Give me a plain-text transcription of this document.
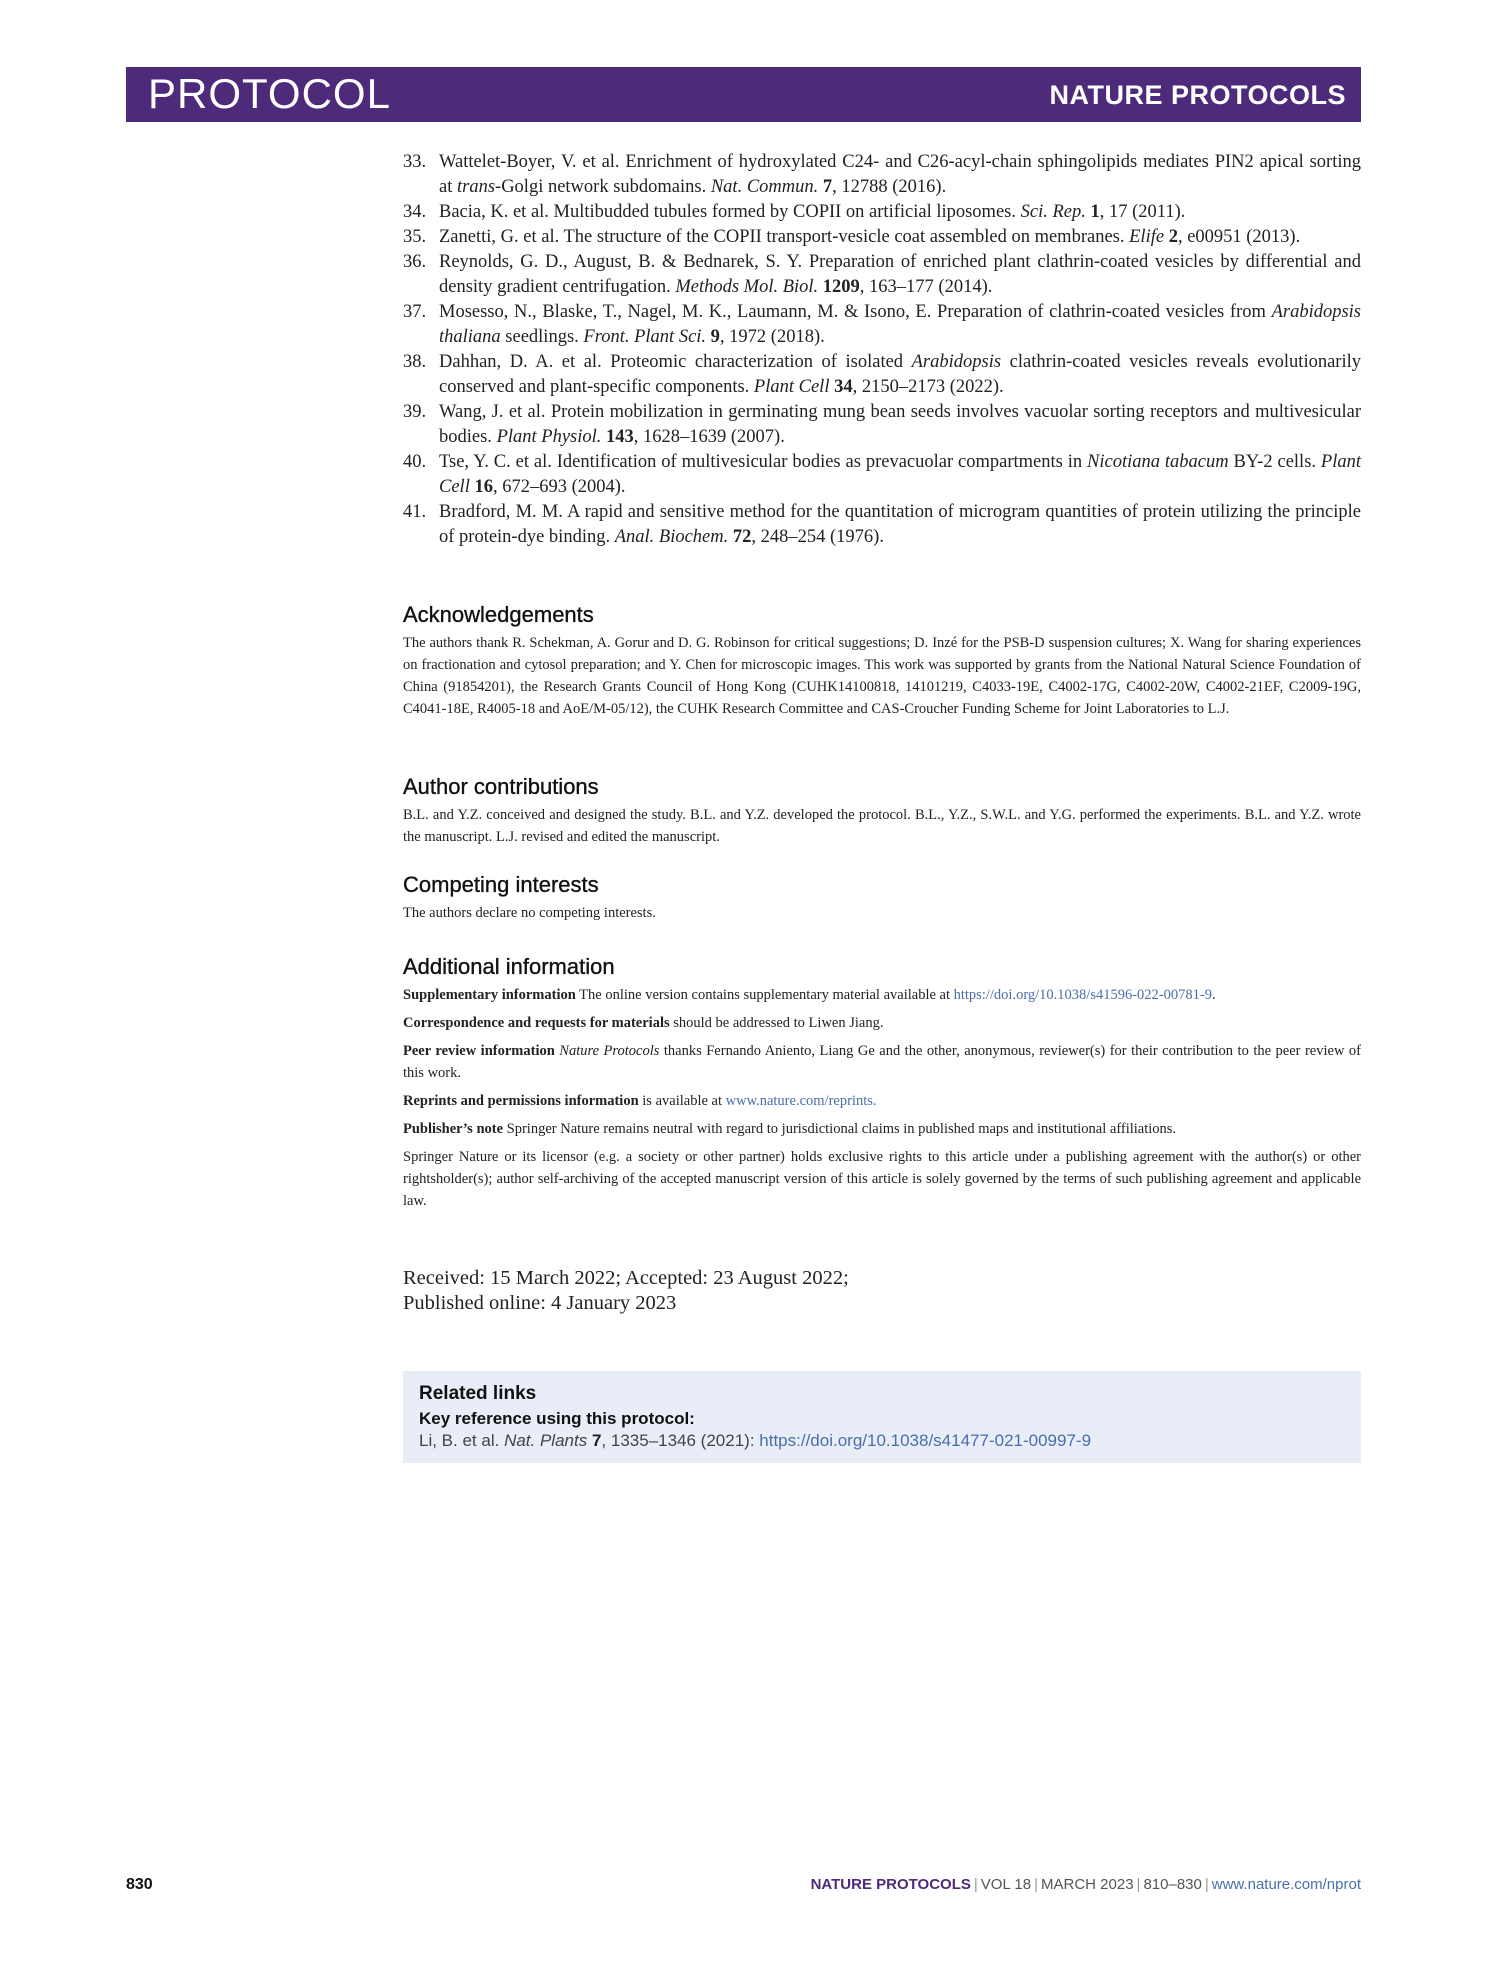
PROTOCOL	NATURE PROTOCOLS
33. Wattelet-Boyer, V. et al. Enrichment of hydroxylated C24- and C26-acyl-chain sphingolipids mediates PIN2 apical sorting at trans-Golgi network subdomains. Nat. Commun. 7, 12788 (2016).
34. Bacia, K. et al. Multibudded tubules formed by COPII on artificial liposomes. Sci. Rep. 1, 17 (2011).
35. Zanetti, G. et al. The structure of the COPII transport-vesicle coat assembled on membranes. Elife 2, e00951 (2013).
36. Reynolds, G. D., August, B. & Bednarek, S. Y. Preparation of enriched plant clathrin-coated vesicles by differential and density gradient centrifugation. Methods Mol. Biol. 1209, 163–177 (2014).
37. Mosesso, N., Blaske, T., Nagel, M. K., Laumann, M. & Isono, E. Preparation of clathrin-coated vesicles from Arabidopsis thaliana seedlings. Front. Plant Sci. 9, 1972 (2018).
38. Dahhan, D. A. et al. Proteomic characterization of isolated Arabidopsis clathrin-coated vesicles reveals evolutionarily conserved and plant-specific components. Plant Cell 34, 2150–2173 (2022).
39. Wang, J. et al. Protein mobilization in germinating mung bean seeds involves vacuolar sorting receptors and multivesicular bodies. Plant Physiol. 143, 1628–1639 (2007).
40. Tse, Y. C. et al. Identification of multivesicular bodies as prevacuolar compartments in Nicotiana tabacum BY-2 cells. Plant Cell 16, 672–693 (2004).
41. Bradford, M. M. A rapid and sensitive method for the quantitation of microgram quantities of protein utilizing the principle of protein-dye binding. Anal. Biochem. 72, 248–254 (1976).
Acknowledgements

The authors thank R. Schekman, A. Gorur and D. G. Robinson for critical suggestions; D. Inzé for the PSB-D suspension cultures; X. Wang for sharing experiences on fractionation and cytosol preparation; and Y. Chen for microscopic images. This work was supported by grants from the National Natural Science Foundation of China (91854201), the Research Grants Council of Hong Kong (CUHK14100818, 14101219, C4033-19E, C4002-17G, C4002-20W, C4002-21EF, C2009-19G, C4041-18E, R4005-18 and AoE/M-05/12), the CUHK Research Committee and CAS-Croucher Funding Scheme for Joint Laboratories to L.J.

Author contributions

B.L. and Y.Z. conceived and designed the study. B.L. and Y.Z. developed the protocol. B.L., Y.Z., S.W.L. and Y.G. performed the experiments. B.L. and Y.Z. wrote the manuscript. L.J. revised and edited the manuscript.

Competing interests

The authors declare no competing interests.

Additional information

Supplementary information The online version contains supplementary material available at https://doi.org/10.1038/s41596-022-00781-9.

Correspondence and requests for materials should be addressed to Liwen Jiang.

Peer review information Nature Protocols thanks Fernando Aniento, Liang Ge and the other, anonymous, reviewer(s) for their contribution to the peer review of this work.

Reprints and permissions information is available at www.nature.com/reprints.

Publisher’s note Springer Nature remains neutral with regard to jurisdictional claims in published maps and institutional affiliations.

Springer Nature or its licensor (e.g. a society or other partner) holds exclusive rights to this article under a publishing agreement with the author(s) or other rightsholder(s); author self-archiving of the accepted manuscript version of this article is solely governed by the terms of such publishing agreement and applicable law.

Received: 15 March 2022; Accepted: 23 August 2022;
Published online: 4 January 2023
Related links
Key reference using this protocol:
Li, B. et al. Nat. Plants 7, 1335–1346 (2021): https://doi.org/10.1038/s41477-021-00997-9
830	NATURE PROTOCOLS | VOL 18 | MARCH 2023 | 810–830 | www.nature.com/nprot
